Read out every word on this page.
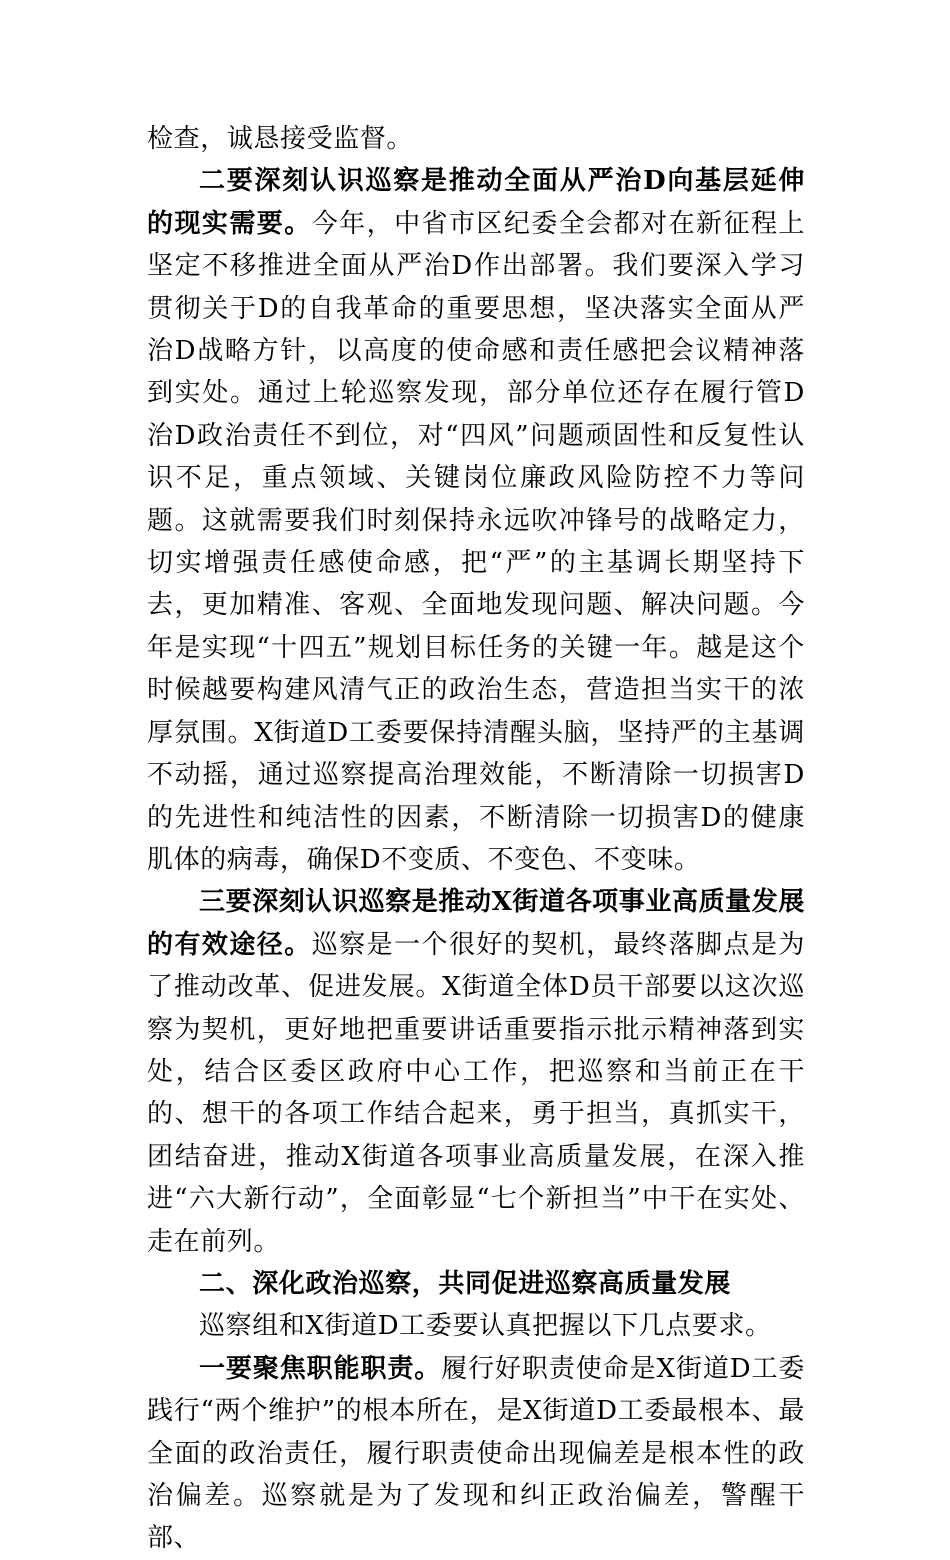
检查，诚恳接受监督。

二要深刻认识巡察是推动全面从严治D向基层延伸的现实需要。今年，中省市区纪委全会都对在新征程上坚定不移推进全面从严治D作出部署。我们要深入学习贯彻关于D的自我革命的重要思想，坚决落实全面从严治D战略方针，以高度的使命感和责任感把会议精神落到实处。通过上轮巡察发现，部分单位还存在履行管D治D政治责任不到位，对“四风”问题顽固性和反复性认识不足，重点领域、关键岗位廉政风险防控不力等问题。这就需要我们时刻保持永远吹冲锋号的战略定力，切实增强责任感使命感，把“严”的主基调长期坚持下去，更加精准、客观、全面地发现问题、解决问题。今年是实现“十四五”规划目标任务的关键一年。越是这个时候越要构建风清气正的政治生态，营造担当实干的浓厚氛围。X街道D工委要保持清醒头脑，坚持严的主基调不动摇，通过巡察提高治理效能，不断清除一切损害D的先进性和纯洁性的因素，不断清除一切损害D的健康肌体的病毒，确保D不变质、不变色、不变味。

三要深刻认识巡察是推动X街道各项事业高质量发展的有效途径。巡察是一个很好的契机，最终落脚点是为了推动改革、促进发展。X街道全体D员干部要以这次巡察为契机，更好地把重要讲话重要指示批示精神落到实处，结合区委区政府中心工作，把巡察和当前正在干的、想干的各项工作结合起来，勇于担当，真抓实干，团结奋进，推动X街道各项事业高质量发展，在深入推进“六大新行动”，全面彰显“七个新担当”中干在实处、走在前列。

二、深化政治巡察，共同促进巡察高质量发展

巡察组和X街道D工委要认真把握以下几点要求。

一要聚焦职能职责。履行好职责使命是X街道D工委践行“两个维护”的根本所在，是X街道D工委最根本、最全面的政治责任，履行职责使命出现偏差是根本性的政治偏差。巡察就是为了发现和纠正政治偏差，警醒干部、
